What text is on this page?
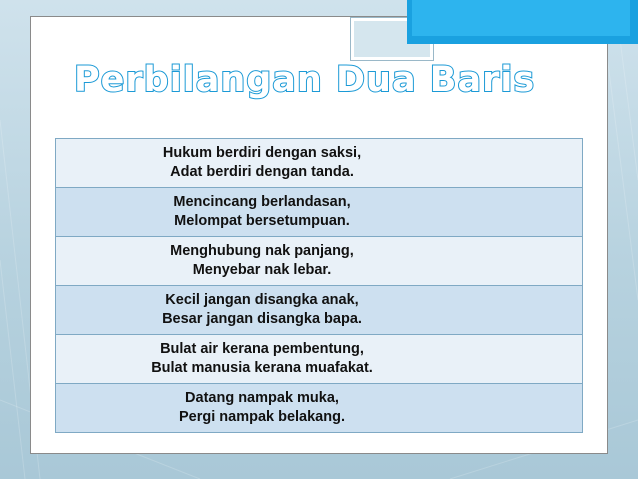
Perbilangan Dua Baris
Hukum berdiri dengan saksi,
Adat berdiri dengan tanda.

Mencincang berlandasan,
Melompat bersetumpuan.

Menghubung nak panjang,
Menyebar nak lebar.

Kecil jangan disangka anak,
Besar jangan disangka bapa.

Bulat air kerana pembentung,
Bulat manusia kerana muafakat.

Datang nampak muka,
Pergi nampak belakang.
